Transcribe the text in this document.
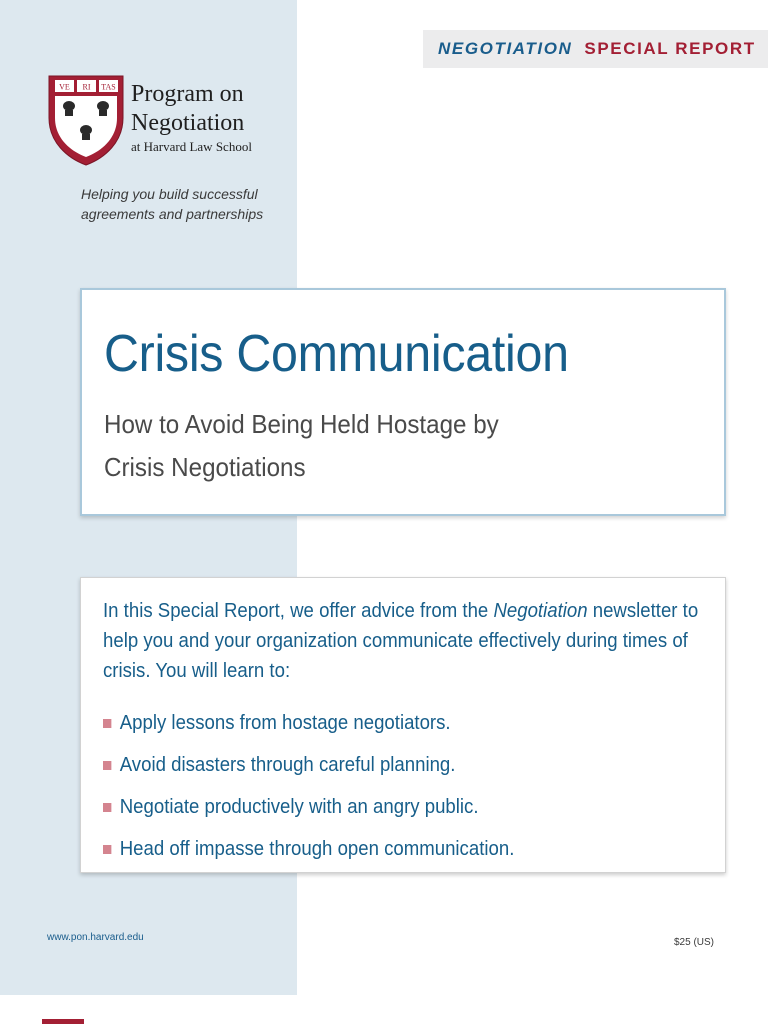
NEGOTIATION SPECIAL REPORT
VE RI TAS Program on
Negotiation
at Harvard Law School
Helping you build successful agreements and partnerships
Crisis Communication
How to Avoid Being Held Hostage by
Crisis Negotiations
In this Special Report, we offer advice from the Negotiation newsletter to help you and your organization communicate effectively during times of crisis. You will learn to:
Apply lessons from hostage negotiators.
Avoid disasters through careful planning.
Negotiate productively with an angry public.
Head off impasse through open communication.
www.pon.harvard.edu	$25 (US)
